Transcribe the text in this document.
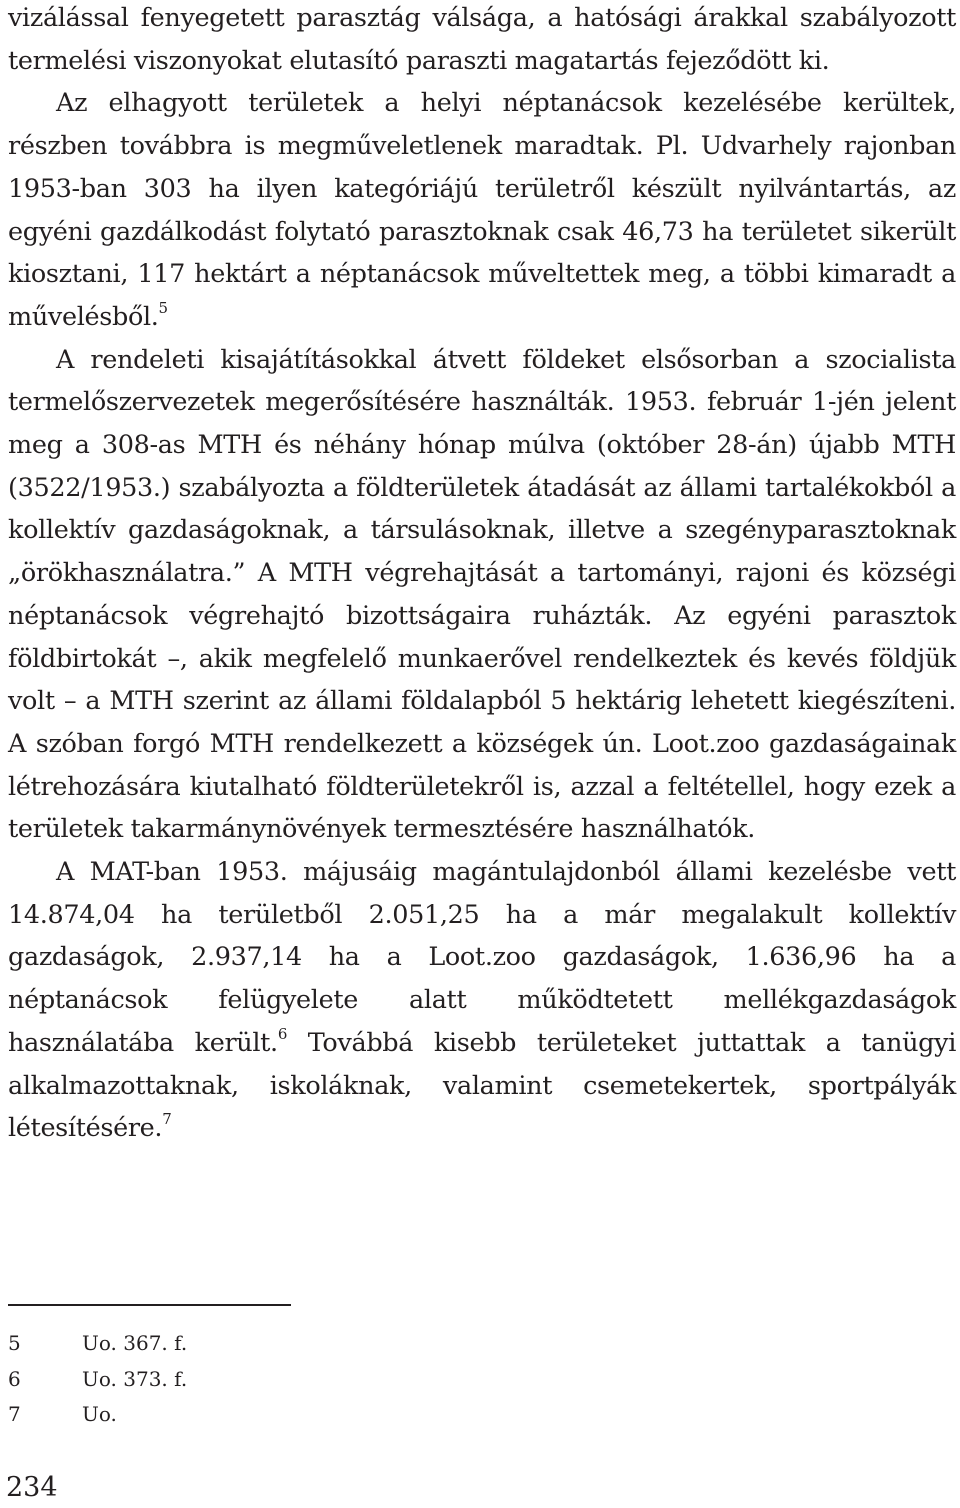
vizálással fenyegetett parasztág válsága, a hatósági árakkal szabályozott termelési viszonyokat elutasító paraszti magatartás fejeződött ki.

Az elhagyott területek a helyi néptanácsok kezelésébe kerültek, részben továbbra is megműveletlenek maradtak. Pl. Udvarhely rajonban 1953-ban 303 ha ilyen kategóriájú területről készült nyilvántartás, az egyéni gazdálkodást folytató parasztoknak csak 46,73 ha területet sikerült kiosztani, 117 hektárt a néptanácsok műveltettek meg, a többi kimaradt a művelésből.$^5$

A rendeleti kisajátításokkal átvett földeket elsősorban a szocialista termelőszervezetek megerősítésére használták. 1953. február 1-jén jelent meg a 308-as MTH és néhány hónap múlva (október 28-án) újabb MTH (3522/1953.) szabályozta a földterületek átadását az állami tartalékokból a kollektív gazdaságoknak, a társulásoknak, illetve a szegényparasztoknak „örökhasználatra.” A MTH végrehajtását a tartományi, rajoni és községi néptanácsok végrehajtó bizottságaira ruházták. Az egyéni parasztok földbirtokát –, akik megfelelő munkaerővel rendelkeztek és kevés földjük volt – a MTH szerint az állami földalapból 5 hektárig lehetett kiegészíteni. A szóban forgó MTH rendelkezett a községek ún. Loot.zoo gazdaságainak létrehozására kiutalható földterületekről is, azzal a feltétellel, hogy ezek a területek takarmánynövények termesztésére használhatók.

A MAT-ban 1953. májusáig magántulajdonból állami kezelésbe vett 14.874,04 ha területből 2.051,25 ha a már megalakult kollektív gazdaságok, 2.937,14 ha a Loot.zoo gazdaságok, 1.636,96 ha a néptanácsok felügyelete alatt működtetett mellékgazdaságok használatába került.$^6$ Továbbá kisebb területeket juttattak a tanügyi alkalmazottaknak, iskoláknak, valamint csemetekertek, sportpályák létesítésére.$^7$

5	Uo. 367. f.
6	Uo. 373. f.
7	Uo.
234
